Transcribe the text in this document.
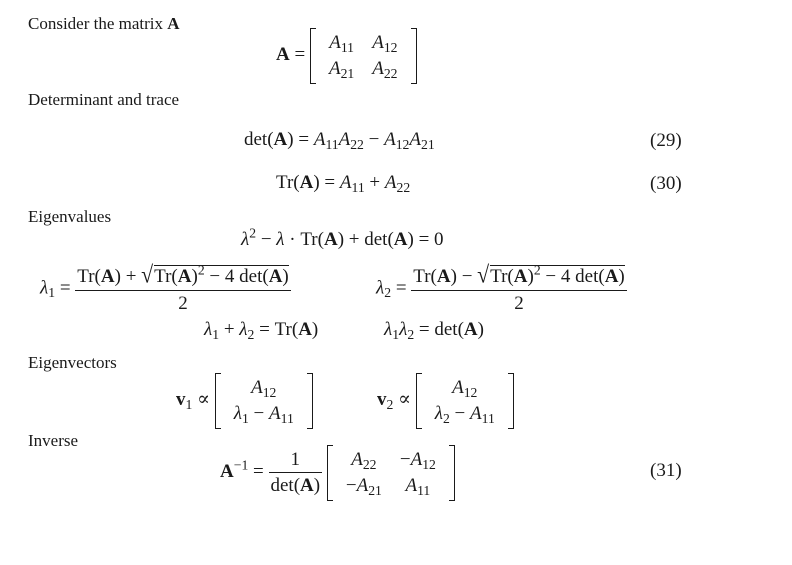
Consider the matrix A
A =
$A_{11}$	$A_{12}$
$A_{21}$	$A_{22}$
Determinant and trace
$\det(A) = A_{11}A_{22} - A_{12}A_{21}$	(29)
$Tr(A) = A_{11} + A_{22}$	(30)
Eigenvalues
$\lambda^2 - \lambda \cdot Tr(A) + \det(A) = 0$
$\lambda_1 = \frac{Tr(A) + √Tr(A)^2 - 4 \det(A)}{2}$	$\lambda_2 = \frac{Tr(A) - √Tr(A)^2 - 4 \det(A)}{2}$
$\lambda_1 + \lambda_2 = Tr(A)$	$\lambda_1\lambda_2 = \det(A)$
Eigenvectors
$v_1$ ∝
$A_{12}$
$\lambda_1 - A_{11}$
$v_2$ ∝
$A_{12}$
$\lambda_2 - A_{11}$
Inverse
$A^{-1} = \frac{1}{\det(A)}$
$A_{22}$	$-A_{12}$
$-A_{21}$	$A_{11}$
(31)
